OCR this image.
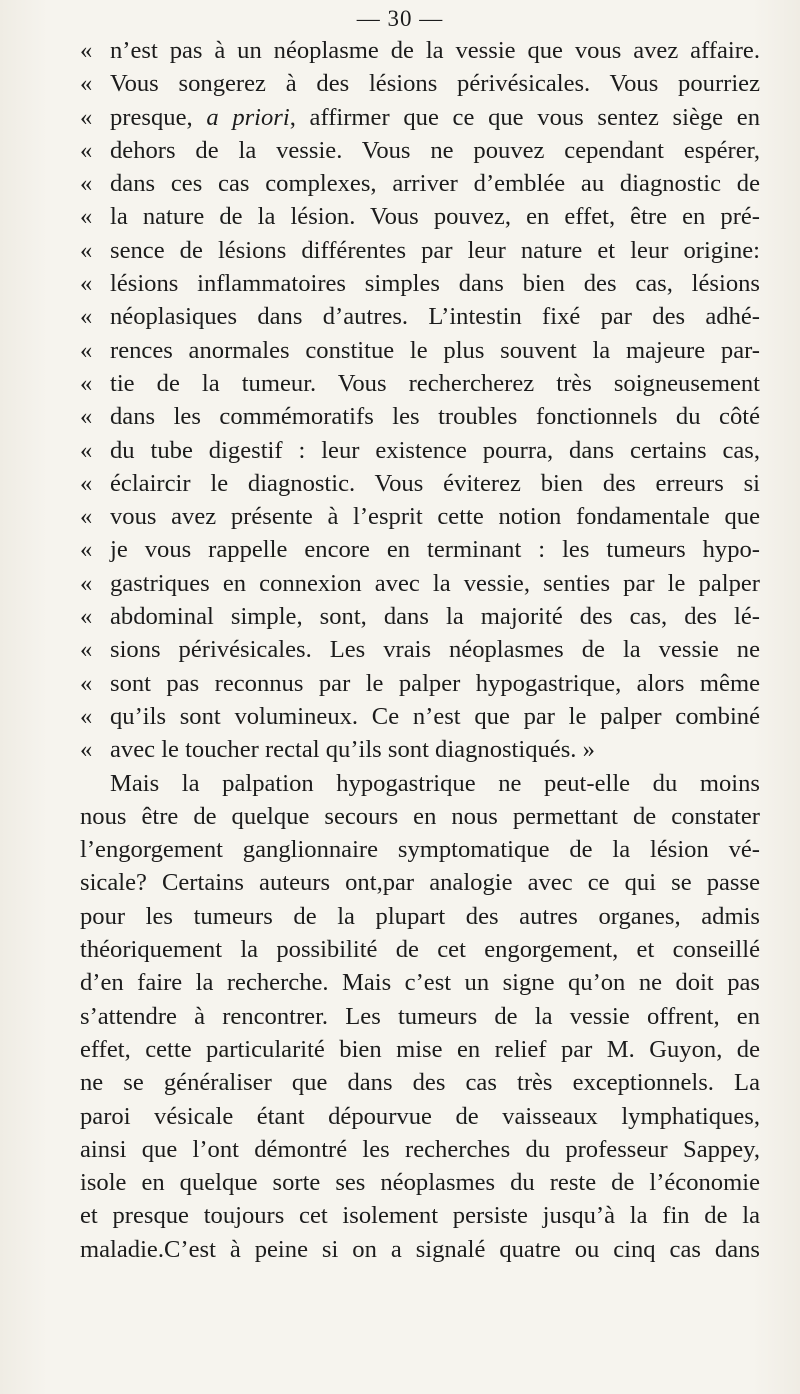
— 30 —
« n’est pas à un néoplasme de la vessie que vous avez affaire.
« Vous songerez à des lésions périvésicales. Vous pourriez
« presque, a priori, affirmer que ce que vous sentez siège en
« dehors de la vessie. Vous ne pouvez cependant espérer,
« dans ces cas complexes, arriver d’emblée au diagnostic de
« la nature de la lésion. Vous pouvez, en effet, être en pré-
« sence de lésions différentes par leur nature et leur origine:
« lésions inflammatoires simples dans bien des cas, lésions
« néoplasiques dans d’autres. L’intestin fixé par des adhé-
« rences anormales constitue le plus souvent la majeure par-
« tie de la tumeur. Vous rechercherez très soigneusement
« dans les commémoratifs les troubles fonctionnels du côté
« du tube digestif : leur existence pourra, dans certains cas,
« éclaircir le diagnostic. Vous éviterez bien des erreurs si
« vous avez présente à l’esprit cette notion fondamentale que
« je vous rappelle encore en terminant : les tumeurs hypo-
« gastriques en connexion avec la vessie, senties par le palper
« abdominal simple, sont, dans la majorité des cas, des lé-
« sions périvésicales. Les vrais néoplasmes de la vessie ne
« sont pas reconnus par le palper hypogastrique, alors même
« qu’ils sont volumineux. Ce n’est que par le palper combiné
« avec le toucher rectal qu’ils sont diagnostiqués. »
Mais la palpation hypogastrique ne peut-elle du moins
nous être de quelque secours en nous permettant de constater
l’engorgement ganglionnaire symptomatique de la lésion vé-
sicale? Certains auteurs ont,par analogie avec ce qui se passe
pour les tumeurs de la plupart des autres organes, admis
théoriquement la possibilité de cet engorgement, et conseillé
d’en faire la recherche. Mais c’est un signe qu’on ne doit pas
s’attendre à rencontrer. Les tumeurs de la vessie offrent, en
effet, cette particularité bien mise en relief par M. Guyon, de
ne se généraliser que dans des cas très exceptionnels. La
paroi vésicale étant dépourvue de vaisseaux lymphatiques,
ainsi que l’ont démontré les recherches du professeur Sappey,
isole en quelque sorte ses néoplasmes du reste de l’économie
et presque toujours cet isolement persiste jusqu’à la fin de la
maladie.C’est à peine si on a signalé quatre ou cinq cas dans
